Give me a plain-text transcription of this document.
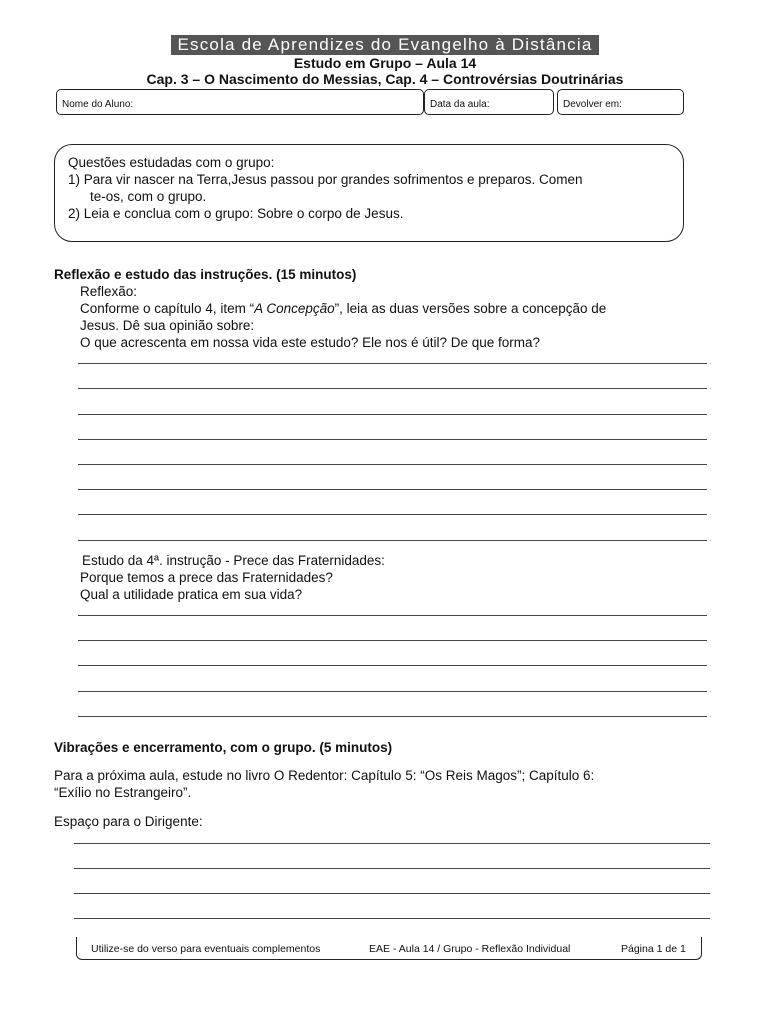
Escola de Aprendizes do Evangelho à Distância
Estudo em Grupo – Aula 14
Cap. 3 – O Nascimento do Messias, Cap. 4 – Controvérsias Doutrinárias
Nome do Aluno:	Data da aula:	Devolver em:
Questões estudadas com o grupo:
1) Para vir nascer na Terra,Jesus passou por grandes sofrimentos e preparos. Comen
te-os, com o grupo.
2) Leia e conclua com o grupo: Sobre o corpo de Jesus.
Reflexão e estudo das instruções. (15 minutos)
Reflexão:
Conforme o capítulo 4, item “A Concepção”, leia as duas versões sobre a concepção de
Jesus. Dê sua opinião sobre:
O que acrescenta em nossa vida este estudo? Ele nos é útil? De que forma?
Estudo da 4ª. instrução - Prece das Fraternidades:
Porque temos a prece das Fraternidades?
Qual a utilidade pratica em sua vida?
Vibrações e encerramento, com o grupo. (5 minutos)
Para a próxima aula, estude no livro O Redentor: Capítulo 5: “Os Reis Magos”; Capítulo 6:
“Exílio no Estrangeiro”.
Espaço para o Dirigente:
Utilize-se do verso para eventuais complementos	EAE - Aula 14 / Grupo - Reflexão Individual	Página 1 de 1
